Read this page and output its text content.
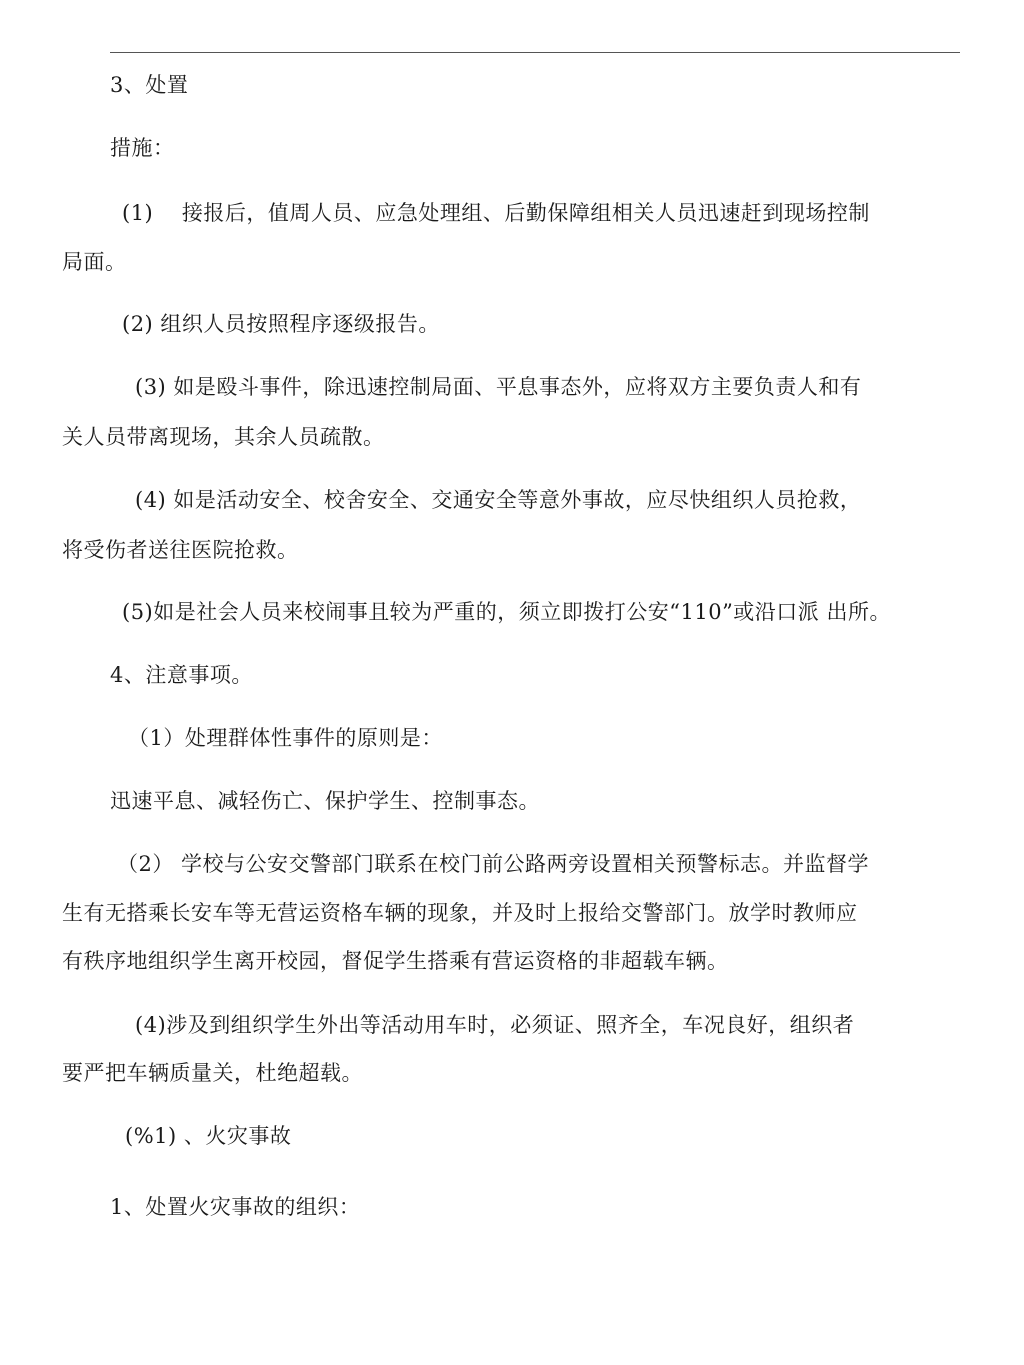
3、处置
措施：
(1)　 接报后，值周人员、应急处理组、后勤保障组相关人员迅速赶到现场控制
局面。
(2) 组织人员按照程序逐级报告。
(3) 如是殴斗事件，除迅速控制局面、平息事态外，应将双方主要负责人和有
关人员带离现场，其余人员疏散。
(4) 如是活动安全、校舍安全、交通安全等意外事故，应尽快组织人员抢救，
将受伤者送往医院抢救。
(5)如是社会人员来校闹事且较为严重的，须立即拨打公安“110”或沿口派 出所。
4、注意事项。
（1）处理群体性事件的原则是：
迅速平息、减轻伤亡、保护学生、控制事态。
（2） 学校与公安交警部门联系在校门前公路两旁设置相关预警标志。并监督学
生有无搭乘长安车等无营运资格车辆的现象，并及时上报给交警部门。放学时教师应
有秩序地组织学生离开校园，督促学生搭乘有营运资格的非超载车辆。
(4)涉及到组织学生外出等活动用车时，必须证、照齐全，车况良好，组织者
要严把车辆质量关，杜绝超载。
(%1) 、火灾事故
1、处置火灾事故的组织：
